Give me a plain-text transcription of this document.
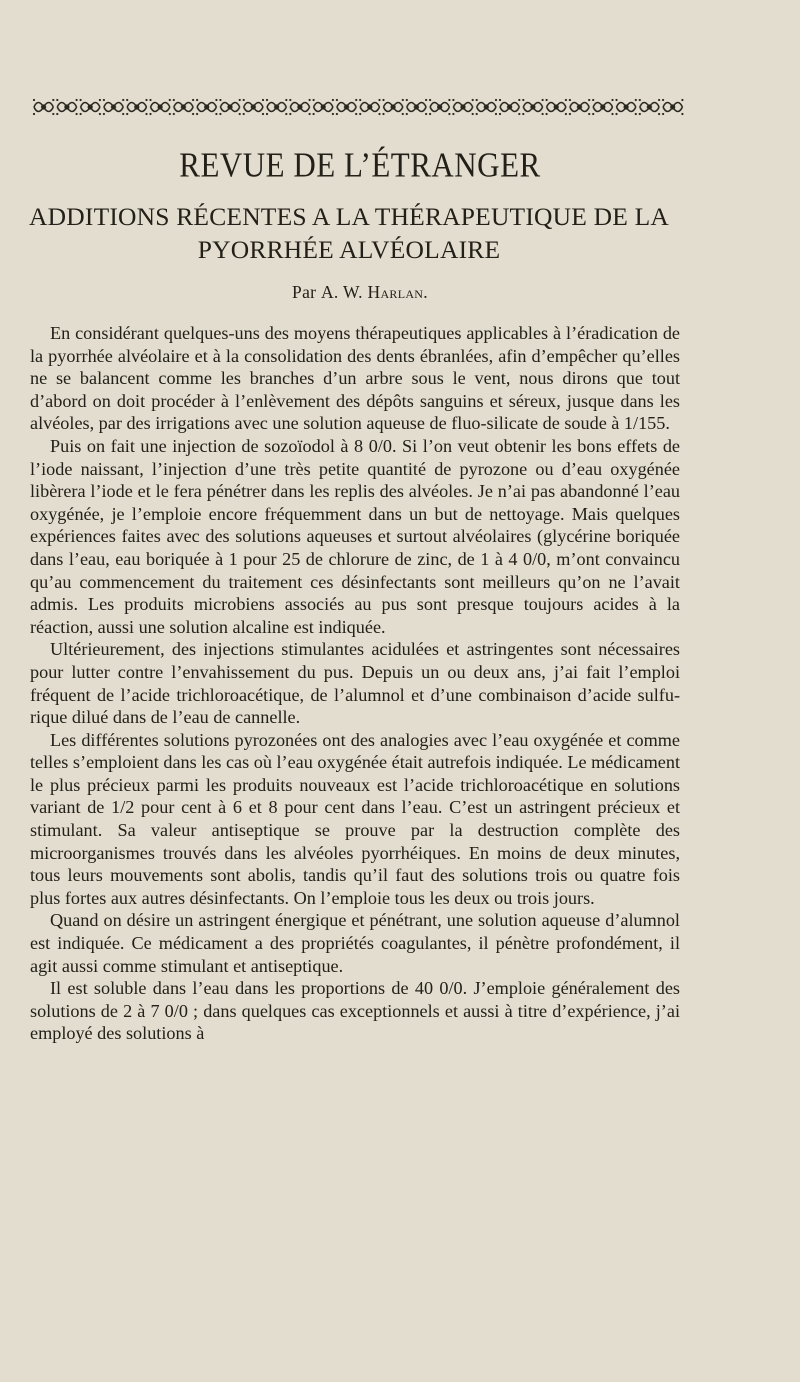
REVUE DE L’ÉTRANGER
ADDITIONS RÉCENTES A LA THÉRAPEUTIQUE DE LA PYORRHÉE ALVÉOLAIRE
Par A. W. Harlan.

En considérant quelques-uns des moyens thérapeutiques applicables à l’éradication de la pyorrhée alvéolaire et à la consolidation des dents ébranlées, afin d’empêcher qu’elles ne se balancent comme les branches d’un arbre sous le vent, nous dirons que tout d’abord on doit procéder à l’enlèvement des dépôts sanguins et séreux, jusque dans les alvéoles, par des irrigations avec une solution aqueuse de fluo-silicate de soude à 1/155.

Puis on fait une injection de sozoïodol à 8 0/0. Si l’on veut obtenir les bons effets de l’iode naissant, l’injection d’une très petite quantité de pyrozone ou d’eau oxygénée libèrera l’iode et le fera pénétrer dans les replis des alvéoles. Je n’ai pas abandonné l’eau oxygénée, je l’emploie encore fréquemment dans un but de nettoyage. Mais quelques expériences faites avec des solutions aqueuses et surtout alvéolaires (glycérine boriquée dans l’eau, eau boriquée à 1 pour 25 de chlorure de zinc, de 1 à 4 0/0, m’ont convaincu qu’au commencement du traitement ces désinfectants sont meilleurs qu’on ne l’avait admis. Les produits microbiens associés au pus sont presque toujours acides à la réaction, aussi une solution alcaline est indiquée.

Ultérieurement, des injections stimulantes acidulées et astringentes sont nécessaires pour lutter contre l’envahissement du pus. Depuis un ou deux ans, j’ai fait l’emploi fréquent de l’acide trichloroacétique, de l’alumnol et d’une combinaison d’acide sulfurique dilué dans de l’eau de cannelle.

Les différentes solutions pyrozonées ont des analogies avec l’eau oxygénée et comme telles s’emploient dans les cas où l’eau oxygénée était autrefois indiquée. Le médicament le plus précieux parmi les produits nouveaux est l’acide trichloroacétique en solutions variant de 1/2 pour cent à 6 et 8 pour cent dans l’eau. C’est un astringent précieux et stimulant. Sa valeur antiseptique se prouve par la destruction complète des microorganismes trouvés dans les alvéoles pyorrhéiques. En moins de deux minutes, tous leurs mouvements sont abolis, tandis qu’il faut des solutions trois ou quatre fois plus fortes aux autres désinfectants. On l’emploie tous les deux ou trois jours.

Quand on désire un astringent énergique et pénétrant, une solution aqueuse d’alumnol est indiquée. Ce médicament a des propriétés coagulantes, il pénètre profondément, il agit aussi comme stimulant et antiseptique.

Il est soluble dans l’eau dans les proportions de 40 0/0. J’emploie généralement des solutions de 2 à 7 0/0 ; dans quelques cas exceptionnels et aussi à titre d’expérience, j’ai employé des solutions à
